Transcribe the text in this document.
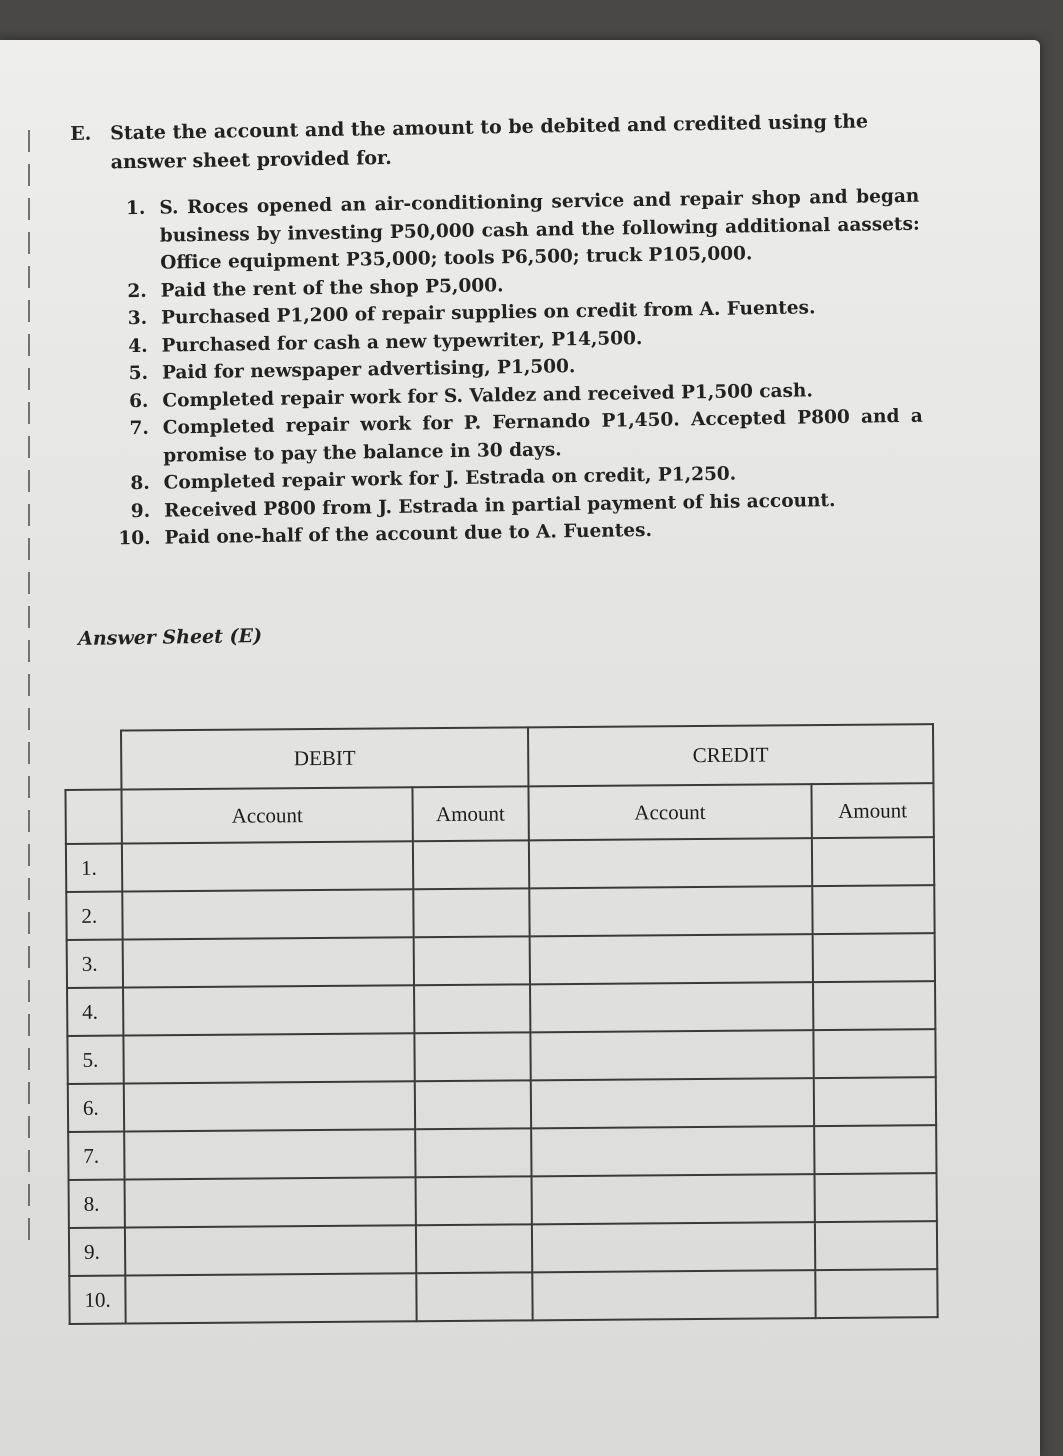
E. State the account and the amount to be debited and credited using the answer sheet provided for.
1. S. Roces opened an air-conditioning service and repair shop and began business by investing P50,000 cash and the following additional aassets: Office equipment P35,000; tools P6,500; truck P105,000.
2. Paid the rent of the shop P5,000.
3. Purchased P1,200 of repair supplies on credit from A. Fuentes.
4. Purchased for cash a new typewriter, P14,500.
5. Paid for newspaper advertising, P1,500.
6. Completed repair work for S. Valdez and received P1,500 cash.
7. Completed repair work for P. Fernando P1,450. Accepted P800 and a promise to pay the balance in 30 days.
8. Completed repair work for J. Estrada on credit, P1,250.
9. Received P800 from J. Estrada in partial payment of his account.
10. Paid one-half of the account due to A. Fuentes.
Answer Sheet (E)
	DEBIT		CREDIT	
	Account	Amount	Account	Amount
1.				
2.				
3.				
4.				
5.				
6.				
7.				
8.				
9.				
10.				
